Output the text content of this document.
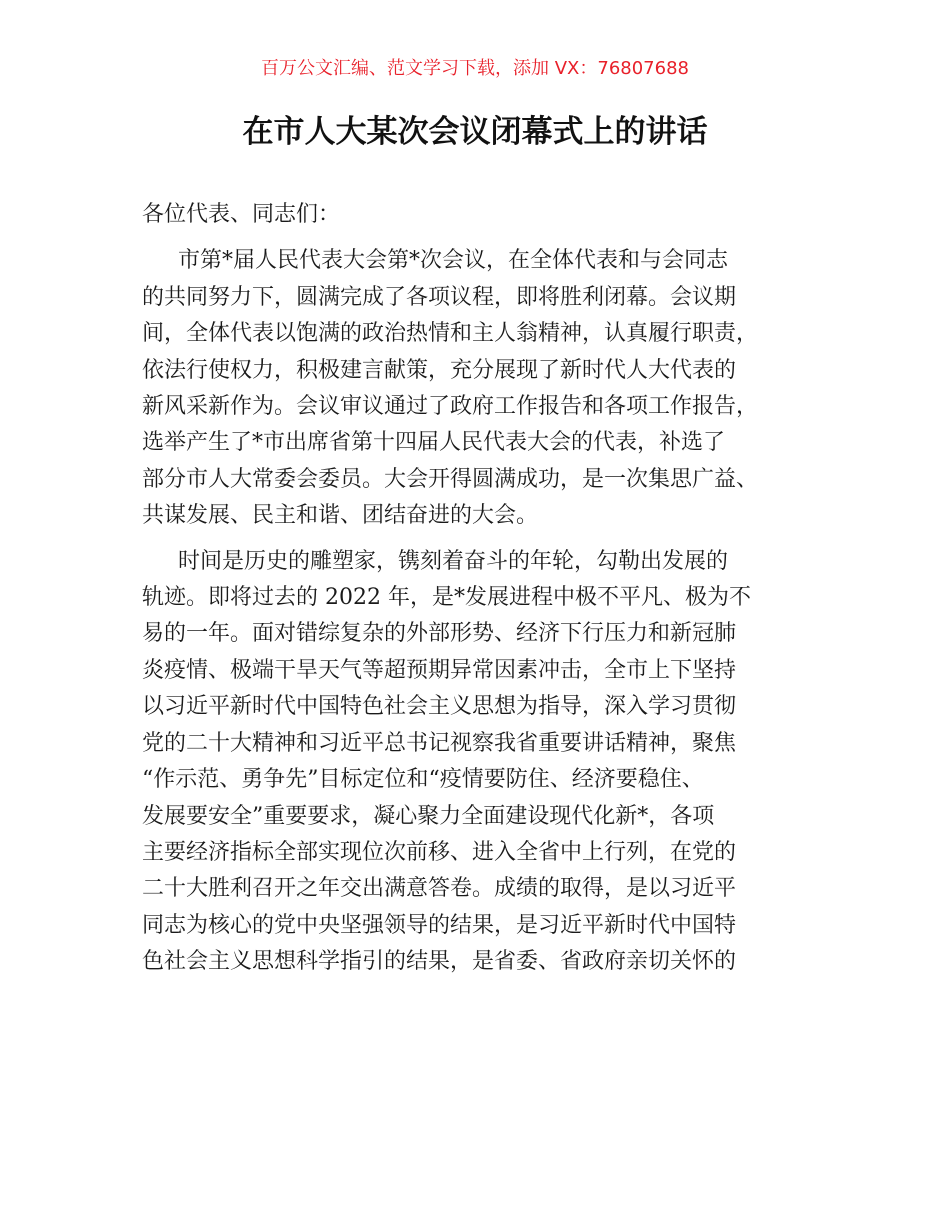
百万公文汇编、范文学习下载，添加 VX：76807688
在市人大某次会议闭幕式上的讲话
各位代表、同志们：
市第*届人民代表大会第*次会议，在全体代表和与会同志
的共同努力下，圆满完成了各项议程，即将胜利闭幕。会议期
间，全体代表以饱满的政治热情和主人翁精神，认真履行职责，
依法行使权力，积极建言献策，充分展现了新时代人大代表的
新风采新作为。会议审议通过了政府工作报告和各项工作报告，
选举产生了*市出席省第十四届人民代表大会的代表，补选了
部分市人大常委会委员。大会开得圆满成功，是一次集思广益、
共谋发展、民主和谐、团结奋进的大会。
时间是历史的雕塑家，镌刻着奋斗的年轮，勾勒出发展的
轨迹。即将过去的 2022 年，是*发展进程中极不平凡、极为不
易的一年。面对错综复杂的外部形势、经济下行压力和新冠肺
炎疫情、极端干旱天气等超预期异常因素冲击，全市上下坚持
以习近平新时代中国特色社会主义思想为指导，深入学习贯彻
党的二十大精神和习近平总书记视察我省重要讲话精神，聚焦
“作示范、勇争先”目标定位和“疫情要防住、经济要稳住、
发展要安全”重要要求，凝心聚力全面建设现代化新*，各项
主要经济指标全部实现位次前移、进入全省中上行列，在党的
二十大胜利召开之年交出满意答卷。成绩的取得，是以习近平
同志为核心的党中央坚强领导的结果，是习近平新时代中国特
色社会主义思想科学指引的结果，是省委、省政府亲切关怀的
